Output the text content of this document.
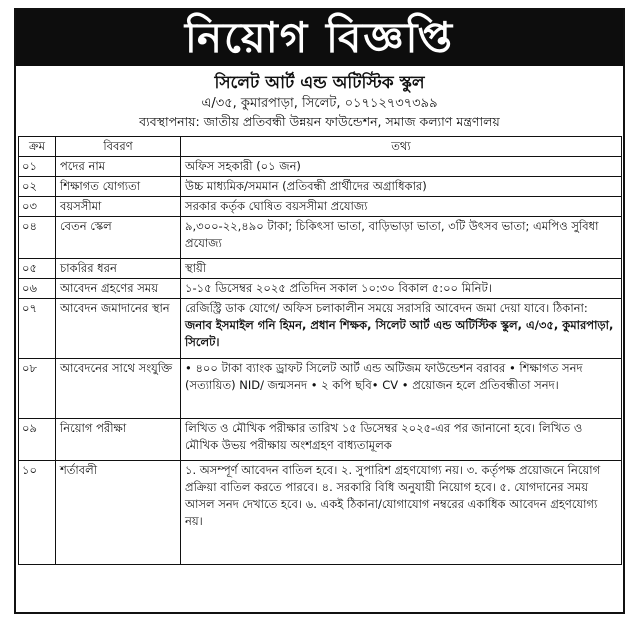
নিয়োগ বিজ্ঞপ্তি
সিলেট আর্ট এন্ড অটিস্টিক স্কুল
এ/৩৫, কুমারপাড়া, সিলেট, ০১৭১২৭৩৭৩৯৯
ব্যবস্থাপনায়: জাতীয় প্রতিবন্ধী উন্নয়ন ফাউন্ডেশন, সমাজ কল্যাণ মন্ত্রণালয়
ক্রম	বিবরণ	তথ্য
০১	পদের নাম	অফিস সহকারী (০১ জন)
০২	শিক্ষাগত যোগ্যতা	উচ্চ মাধ্যমিক/সমমান (প্রতিবন্ধী প্রার্থীদের অগ্রাধিকার)
০৩	বয়সসীমা	সরকার কর্তৃক ঘোষিত বয়সসীমা প্রযোজ্য
০৪	বেতন স্কেল	৯,৩০০-২২,৪৯০ টাকা; চিকিৎসা ভাতা, বাড়িভাড়া ভাতা, ৩টি উৎসব ভাতা; এমপিও সুবিধা প্রযোজ্য
০৫	চাকরির ধরন	স্থায়ী
০৬	আবেদন গ্রহণের সময়	১-১৫ ডিসেম্বর ২০২৫ প্রতিদিন সকাল ১০:৩০ বিকাল ৫:০০ মিনিট।
০৭	আবেদন জমাদানের স্থান	রেজিস্ট্রি ডাক যোগে/ অফিস চলাকালীন সময়ে সরাসরি আবেদন জমা দেয়া যাবে। ঠিকানা: জনাব ইসমাইল গনি হিমন, প্রধান শিক্ষক, সিলেট আর্ট এন্ড অটিস্টিক স্কুল, এ/৩৫, কুমারপাড়া, সিলেট।
০৮	আবেদনের সাথে সংযুক্তি	• ৪০০ টাকা ব্যাংক ড্রাফট সিলেট আর্ট এন্ড অটিজম ফাউন্ডেশন বরাবর • শিক্ষাগত সনদ (সত্যায়িত) NID/ জন্মসনদ • ২ কপি ছবি• CV • প্রয়োজন হলে প্রতিবন্ধীতা সনদ।
০৯	নিয়োগ পরীক্ষা	লিখিত ও মৌখিক পরীক্ষার তারিখ ১৫ ডিসেম্বর ২০২৫-এর পর জানানো হবে। লিখিত ও মৌখিক উভয় পরীক্ষায় অংশগ্রহণ বাধ্যতামূলক
১০	শর্তাবলী	১. অসম্পূর্ণ আবেদন বাতিল হবে। ২. সুপারিশ গ্রহণযোগ্য নয়। ৩. কর্তৃপক্ষ প্রয়োজনে নিয়োগ প্রক্রিয়া বাতিল করতে পারবে। ৪. সরকারি বিধি অনুযায়ী নিয়োগ হবে। ৫. যোগদানের সময় আসল সনদ দেখাতে হবে। ৬. একই ঠিকানা/যোগাযোগ নম্বরের একাধিক আবেদন গ্রহণযোগ্য নয়।
